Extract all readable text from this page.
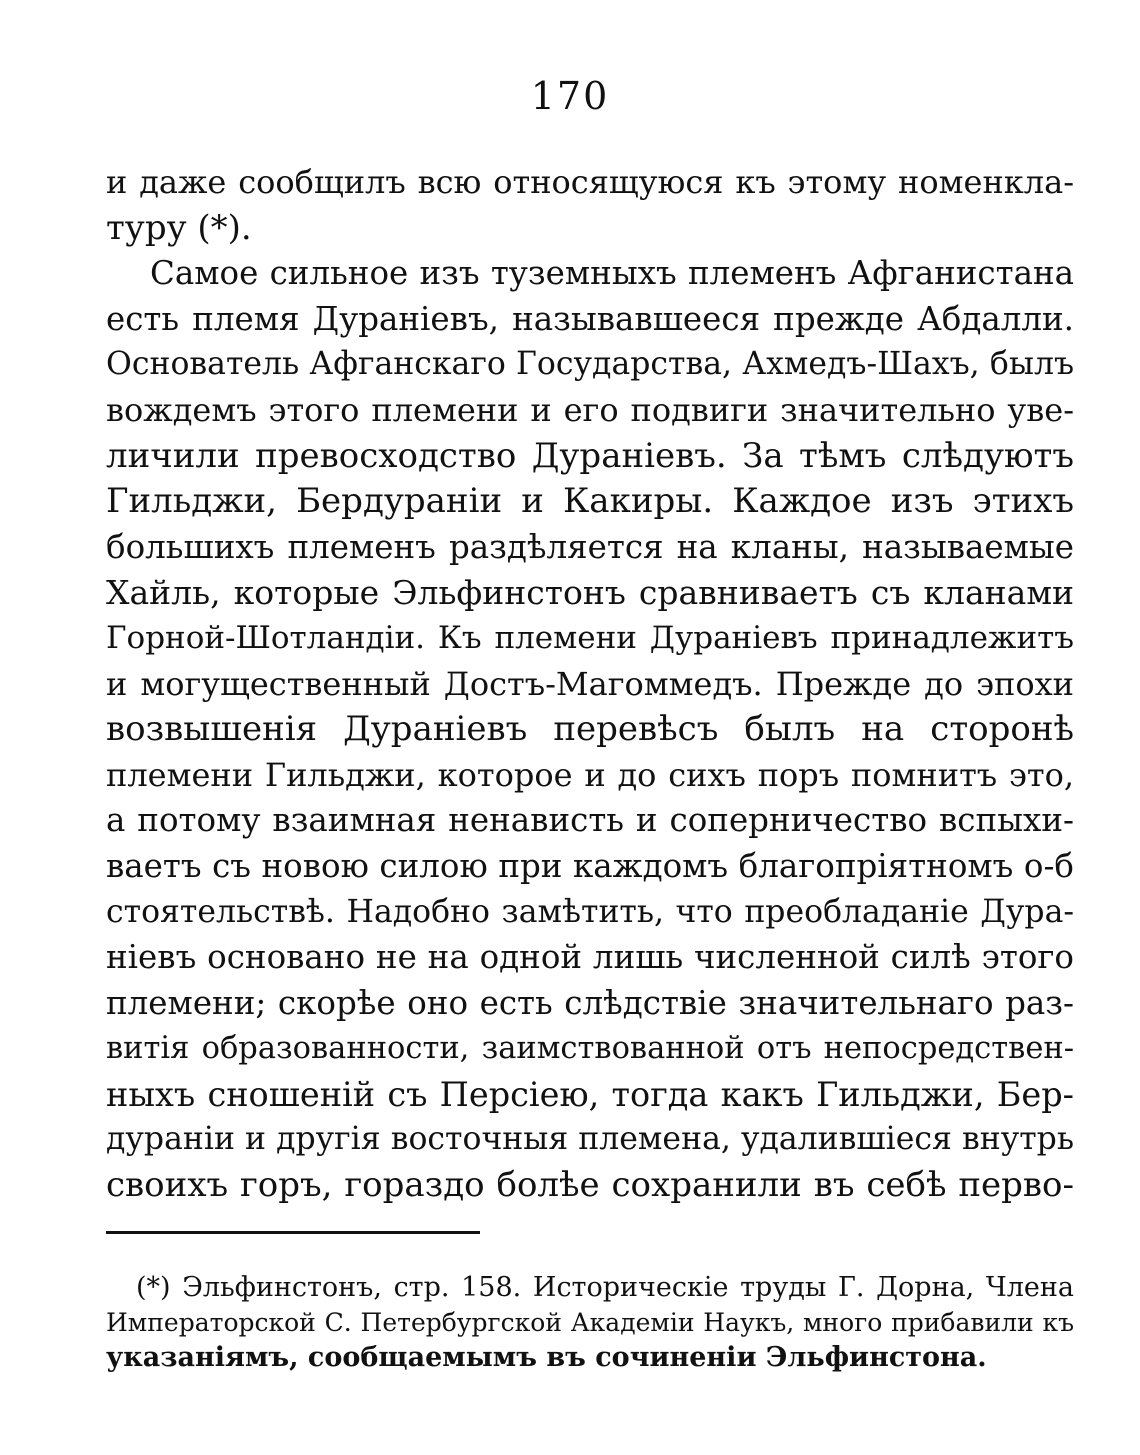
170
и даже сообщилъ всю относящуюся къ этому номенкла-
туру (*).
Самое сильное изъ туземныхъ племенъ Афганистана
есть племя Дураніевъ, называвшееся прежде Абдалли.
Основатель Афганскаго Государства, Ахмедъ-Шахъ, былъ
вождемъ этого племени и его подвиги значительно уве-
личили превосходство Дураніевъ. За тѣмъ слѣдуютъ
Гильджи, Бердураніи и Какиры. Каждое изъ этихъ
большихъ племенъ раздѣляется на кланы, называемые
Хайль, которые Эльфинстонъ сравниваетъ съ кланами
Горной-Шотландіи. Къ племени Дураніевъ принадлежитъ
и могущественный Достъ-Магоммедъ. Прежде до эпохи
возвышенія Дураніевъ перевѣсъ былъ на сторонѣ
племени Гильджи, которое и до сихъ поръ помнитъ это,
а потому взаимная ненависть и соперничество вспыхи-
ваетъ съ новою силою при каждомъ благопріятномъ о-б
стоятельствѣ. Надобно замѣтить, что преобладаніе Дура-
ніевъ основано не на одной лишь численной силѣ этого
племени; скорѣе оно есть слѣдствіе значительнаго раз-
витія образованности, заимствованной отъ непосредствен-
ныхъ сношеній съ Персіею, тогда какъ Гильджи, Бер-
дураніи и другія восточныя племена, удалившіеся внутрь
своихъ горъ, гораздо болѣе сохранили въ себѣ перво-
(*) Эльфинстонъ, стр. 158. Историческіе труды Г. Дорна, Члена
Императорской С. Петербургской Академіи Наукъ, много прибавили къ
указаніямъ, сообщаемымъ въ сочиненіи Эльфинстона.
